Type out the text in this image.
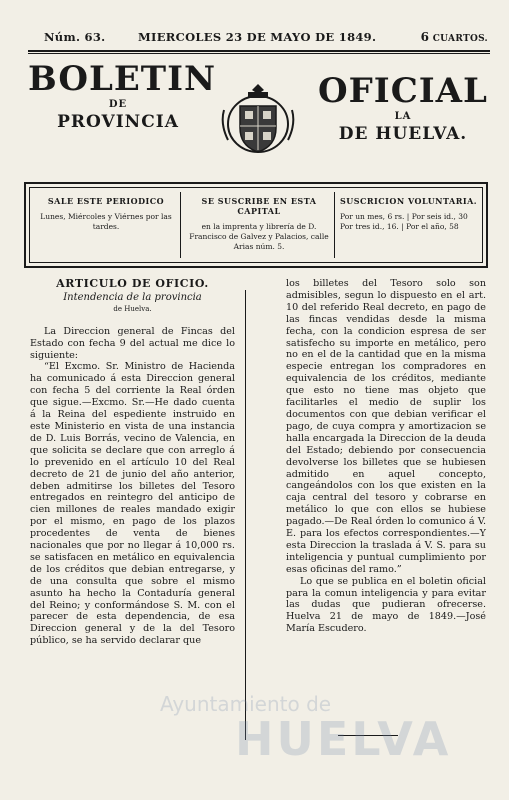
Núm. 63.	MIERCOLES 23 DE MAYO DE 1849.	6 CUARTOS.
BOLETIN
DE
PROVINCIA
OFICIAL
LA
DE HUELVA.
SALE ESTE PERIODICO
Lunes, Miércoles y Viérnes por las tardes.
SE SUSCRIBE EN ESTA CAPITAL
en la imprenta y librería de D. Francisco de Galvez y Palacios, calle Arias núm. 5.
SUSCRICION VOLUNTARIA.
Por un mes, 6 rs. | Por seis id., 30
Por tres id., 16. | Por el año, 58

ARTICULO DE OFICIO.

Intendencia de la provincia

de Huelva.

La Direccion general de Fincas del Estado con fecha 9 del actual me dice lo siguiente:

“El Excmo. Sr. Ministro de Hacienda ha comunicado á esta Direccion general con fecha 5 del corriente la Real órden que sigue.—Excmo. Sr.—He dado cuenta á la Reina del espediente instruido en este Ministerio en vista de una instancia de D. Luis Borrás, vecino de Valencia, en que solicita se declare que con arreglo á lo prevenido en el artículo 10 del Real decreto de 21 de junio del año anterior, deben admitirse los billetes del Tesoro entregados en reintegro del anticipo de cien millones de reales mandado exigir por el mismo, en pago de los plazos procedentes de venta de bienes nacionales que por no llegar á 10,000 rs. se satisfacen en metálico en equivalencia de los créditos que debian entregarse, y de una consulta que sobre el mismo asunto ha hecho la Contaduría general del Reino; y conformándose S. M. con el parecer de esta dependencia, de esa Direccion general y de la del Tesoro público, se ha servido declarar que

los billetes del Tesoro solo son admisibles, segun lo dispuesto en el art. 10 del referido Real decreto, en pago de las fincas vendidas desde la misma fecha, con la condicion espresa de ser satisfecho su importe en metálico, pero no en el de la cantidad que en la misma especie entregan los compradores en equivalencia de los créditos, mediante que esto no tiene mas objeto que facilitarles el medio de suplir los documentos con que debian verificar el pago, de cuya compra y amortizacion se halla encargada la Direccion de la deuda del Estado; debiendo por consecuencia devolverse los billetes que se hubiesen admitido en aquel concepto, cangeándolos con los que existen en la caja central del tesoro y cobrarse en metálico lo que con ellos se hubiese pagado.—De Real órden lo comunico á V. E. para los efectos correspondientes.—Y esta Direccion la traslada á V. S. para su inteligencia y puntual cumplimiento por esas oficinas del ramo.”

Lo que se publica en el boletin oficial para la comun inteligencia y para evitar las dudas que pudieran ofrecerse. Huelva 21 de mayo de 1849.—José María Escudero.

Ayuntamiento de
HUELVA
